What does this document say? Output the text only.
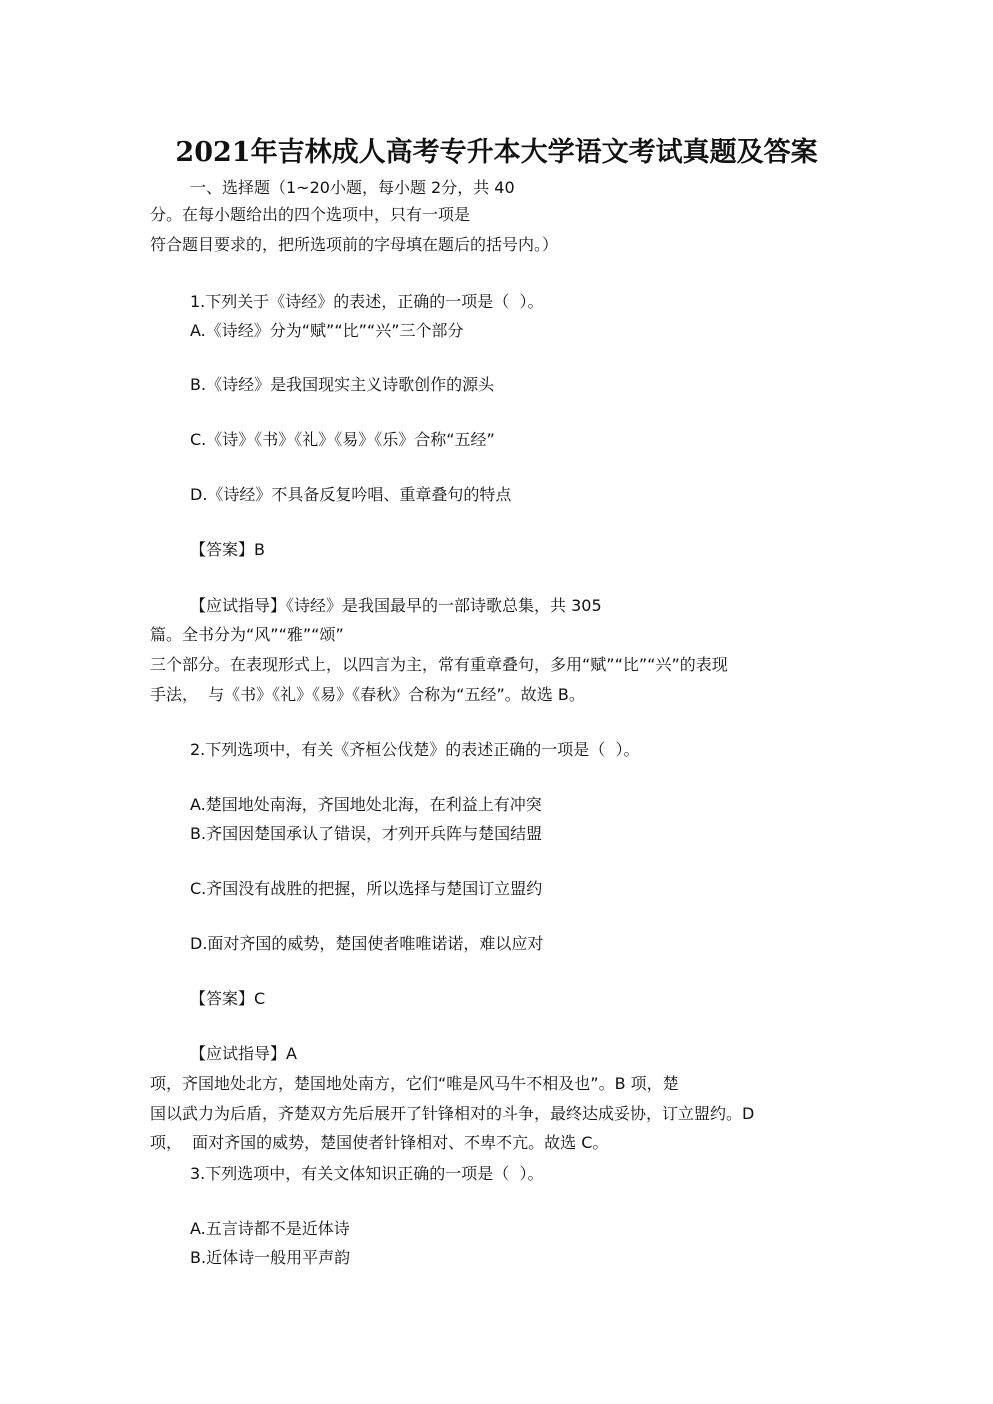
2021年吉林成人高考专升本大学语文考试真题及答案
一、选择题（1~20小题，每小题 2分，共 40
分。在每小题给出的四个选项中，只有一项是
符合题目要求的，把所选项前的字母填在题后的括号内。）
1.下列关于《诗经》的表述，正确的一项是（  ）。
A.《诗经》分为“赋”“比”“兴”三个部分
B.《诗经》是我国现实主义诗歌创作的源头
C.《诗》《书》《礼》《易》《乐》合称“五经”
D.《诗经》不具备反复吟唱、重章叠句的特点
【答案】B
【应试指导】《诗经》是我国最早的一部诗歌总集，共 305
篇。全书分为“风”“雅”“颂”
三个部分。在表现形式上，以四言为主，常有重章叠句，多用“赋”“比”“兴”的表现
手法，  与《书》《礼》《易》《春秋》合称为“五经”。故选 B。
2.下列选项中，有关《齐桓公伐楚》的表述正确的一项是（  ）。
A.楚国地处南海，齐国地处北海，在利益上有冲突
B.齐国因楚国承认了错误，才列开兵阵与楚国结盟
C.齐国没有战胜的把握，所以选择与楚国订立盟约
D.面对齐国的威势，楚国使者唯唯诺诺，难以应对
【答案】C
【应试指导】A
项，齐国地处北方，楚国地处南方，它们“唯是风马牛不相及也”。B 项，楚
国以武力为后盾，齐楚双方先后展开了针锋相对的斗争，最终达成妥协，订立盟约。D
项，  面对齐国的威势，楚国使者针锋相对、不卑不亢。故选 C。
3.下列选项中，有关文体知识正确的一项是（  ）。
A.五言诗都不是近体诗
B.近体诗一般用平声韵
